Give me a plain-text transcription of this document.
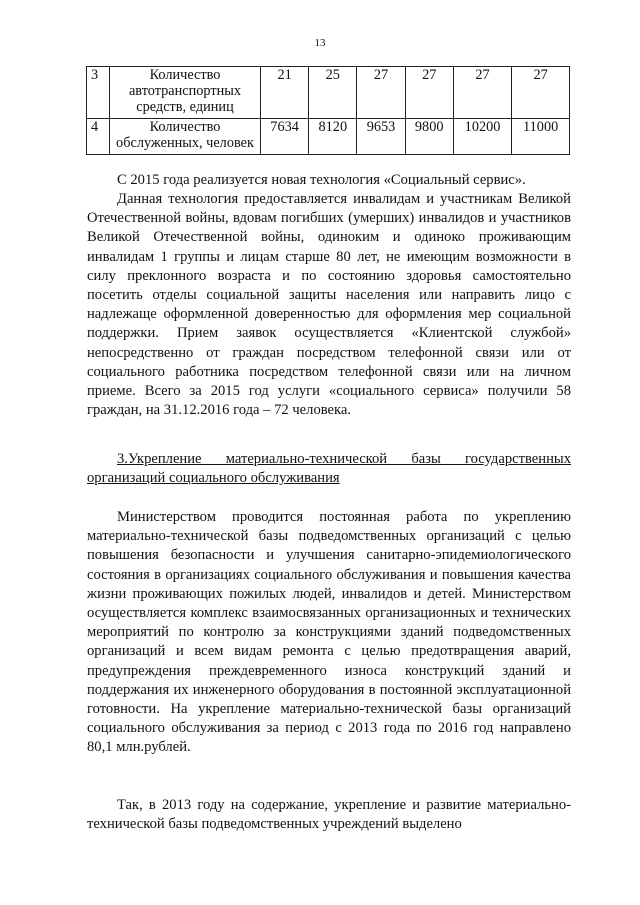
13
3	Количество автотранспортных средств, единиц	21	25	27	27	27	27
4	Количество обслуженных, человек	7634	8120	9653	9800	10200	11000

С 2015 года реализуется новая технология «Социальный сервис».

Данная технология предоставляется инвалидам и участникам Великой Отечественной войны, вдовам погибших (умерших) инвалидов и участников Великой Отечественной войны, одиноким и одиноко проживающим инвалидам 1 группы и лицам старше 80 лет, не имеющим возможности в силу преклонного возраста и по состоянию здоровья самостоятельно посетить отделы социальной защиты населения или направить лицо с надлежаще оформленной доверенностью для оформления мер социальной поддержки. Прием заявок осуществляется «Клиентской службой» непосредственно от граждан посредством телефонной связи или от социального работника посредством телефонной связи или на личном приеме. Всего за 2015 год услуги «социального сервиса» получили 58 граждан, на 31.12.2016 года – 72 человека.

3.Укрепление материально-технической базы государственных организаций социального обслуживания

Министерством проводится постоянная работа по укреплению материально-технической базы подведомственных организаций с целью повышения безопасности и улучшения санитарно-эпидемиологического состояния в организациях социального обслуживания и повышения качества жизни проживающих пожилых людей, инвалидов и детей. Министерством осуществляется комплекс взаимосвязанных организационных и технических мероприятий по контролю за конструкциями зданий подведомственных организаций и всем видам ремонта с целью предотвращения аварий, предупреждения преждевременного износа конструкций зданий и поддержания их инженерного оборудования в постоянной эксплуатационной готовности. На укрепление материально-технической базы организаций социального обслуживания за период с 2013 года по 2016 год направлено 80,1 млн.рублей.

Так, в 2013 году на содержание, укрепление и развитие материально-технической базы подведомственных учреждений выделено
